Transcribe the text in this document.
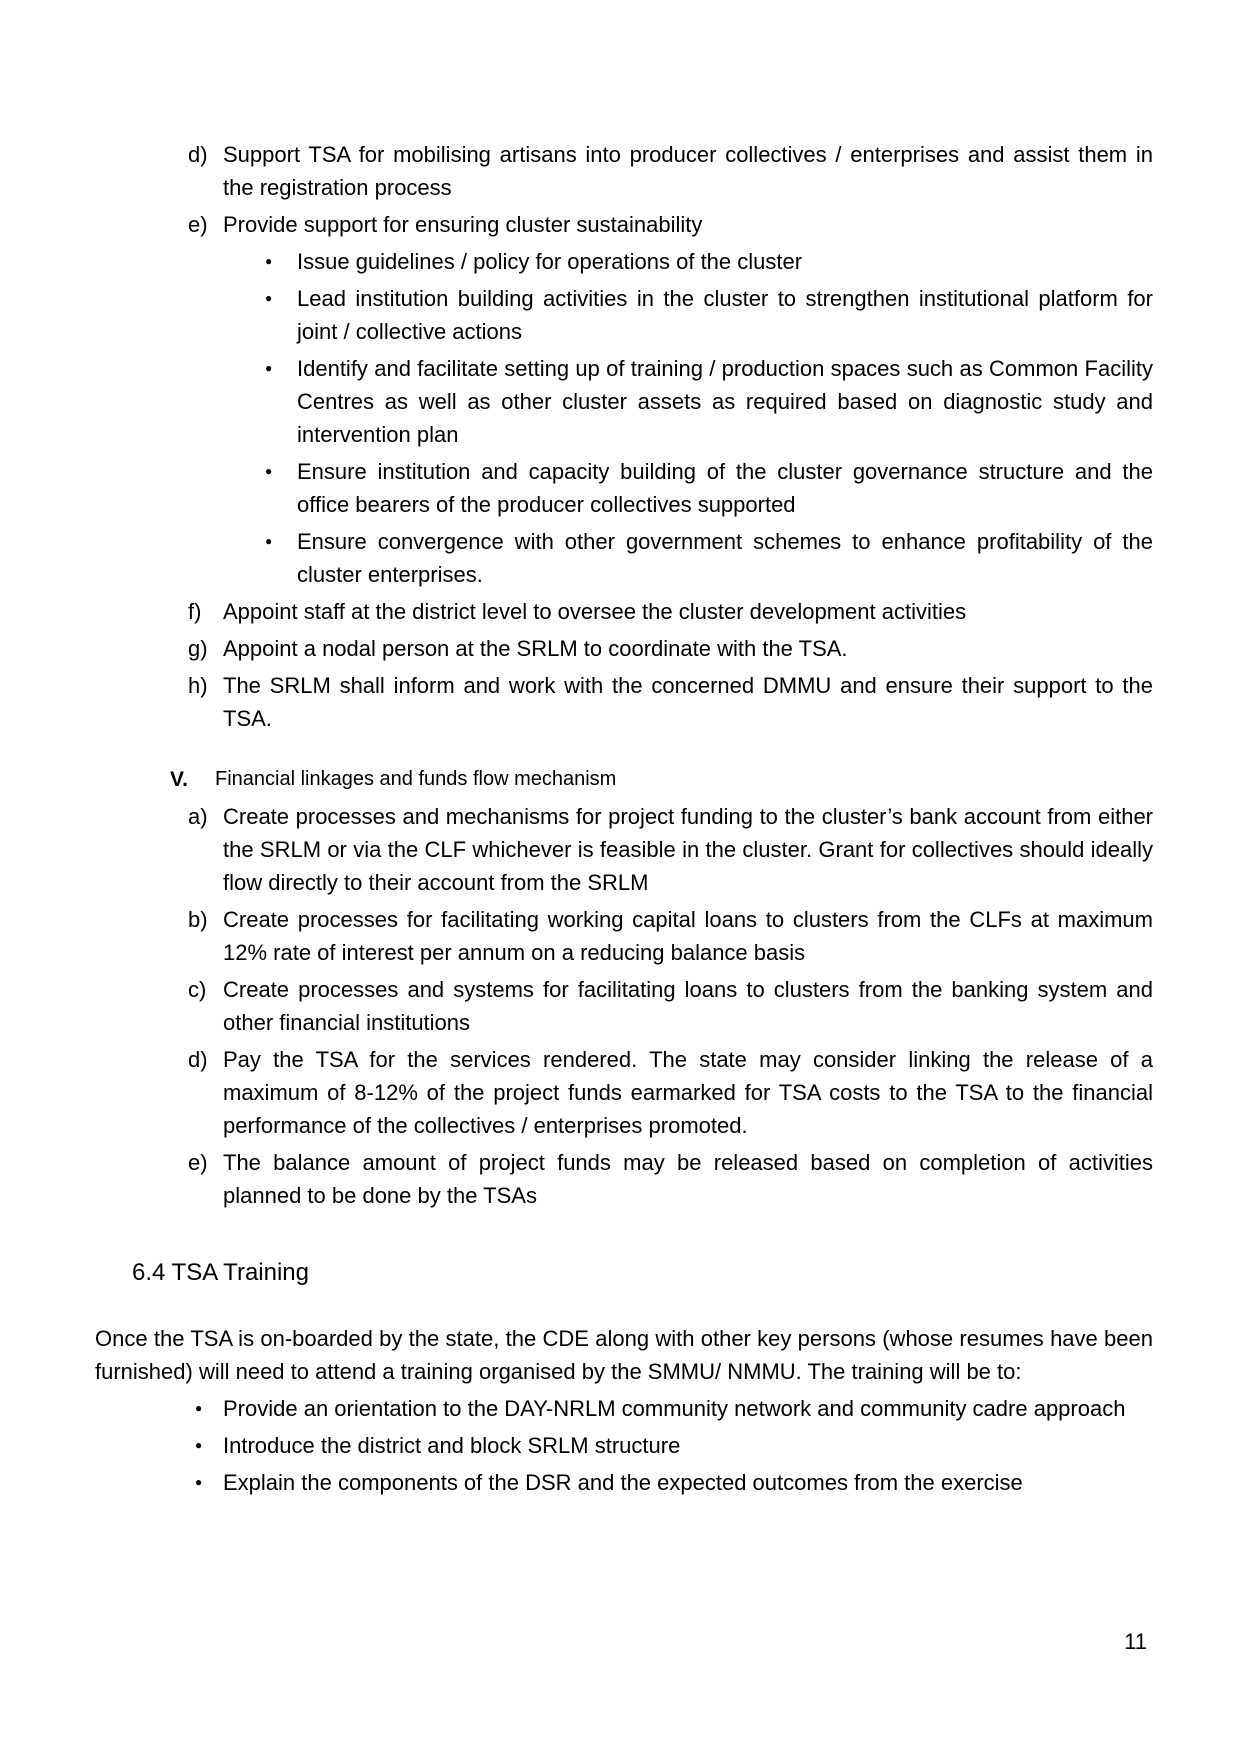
d) Support TSA for mobilising artisans into producer collectives / enterprises and assist them in the registration process
e) Provide support for ensuring cluster sustainability
● Issue guidelines / policy for operations of the cluster
● Lead institution building activities in the cluster to strengthen institutional platform for joint / collective actions
● Identify and facilitate setting up of training / production spaces such as Common Facility Centres as well as other cluster assets as required based on diagnostic study and intervention plan
● Ensure institution and capacity building of the cluster governance structure and the office bearers of the producer collectives supported
● Ensure convergence with other government schemes to enhance profitability of the cluster enterprises.
f) Appoint staff at the district level to oversee the cluster development activities
g) Appoint a nodal person at the SRLM to coordinate with the TSA.
h) The SRLM shall inform and work with the concerned DMMU and ensure their support to the TSA.
V. Financial linkages and funds flow mechanism
a) Create processes and mechanisms for project funding to the cluster’s bank account from either the SRLM or via the CLF whichever is feasible in the cluster. Grant for collectives should ideally flow directly to their account from the SRLM
b) Create processes for facilitating working capital loans to clusters from the CLFs at maximum 12% rate of interest per annum on a reducing balance basis
c) Create processes and systems for facilitating loans to clusters from the banking system and other financial institutions
d) Pay the TSA for the services rendered. The state may consider linking the release of a maximum of 8-12% of the project funds earmarked for TSA costs to the TSA to the financial performance of the collectives / enterprises promoted.
e) The balance amount of project funds may be released based on completion of activities planned to be done by the TSAs
6.4 TSA Training
Once the TSA is on-boarded by the state, the CDE along with other key persons (whose resumes have been furnished) will need to attend a training organised by the SMMU/ NMMU. The training will be to:
● Provide an orientation to the DAY-NRLM community network and community cadre approach
● Introduce the district and block SRLM structure
● Explain the components of the DSR and the expected outcomes from the exercise
11
